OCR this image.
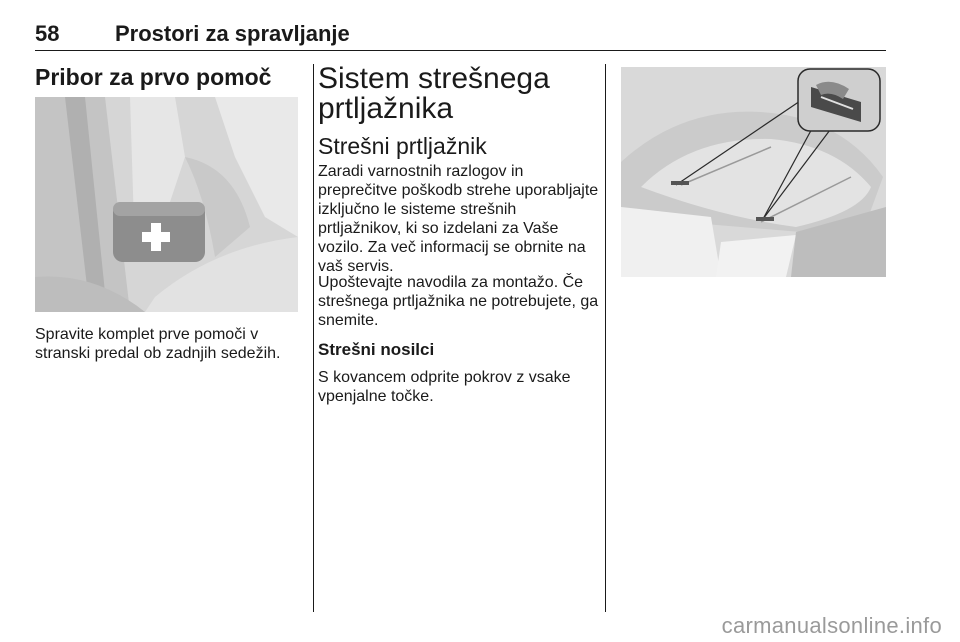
58	Prostori za spravljanje
Pribor za prvo pomoč
Spravite komplet prve pomoči v stranski predal ob zadnjih sedežih.
Sistem strešnega prtljažnika
Strešni prtljažnik
Zaradi varnostnih razlogov in preprečitve poškodb strehe uporabljajte izključno le sisteme strešnih prtljažnikov, ki so izdelani za Vaše vozilo. Za več informacij se obrnite na vaš servis.
Upoštevajte navodila za montažo. Če strešnega prtljažnika ne potrebujete, ga snemite.
Strešni nosilci
S kovancem odprite pokrov z vsake vpenjalne točke.
carmanualsonline.info
